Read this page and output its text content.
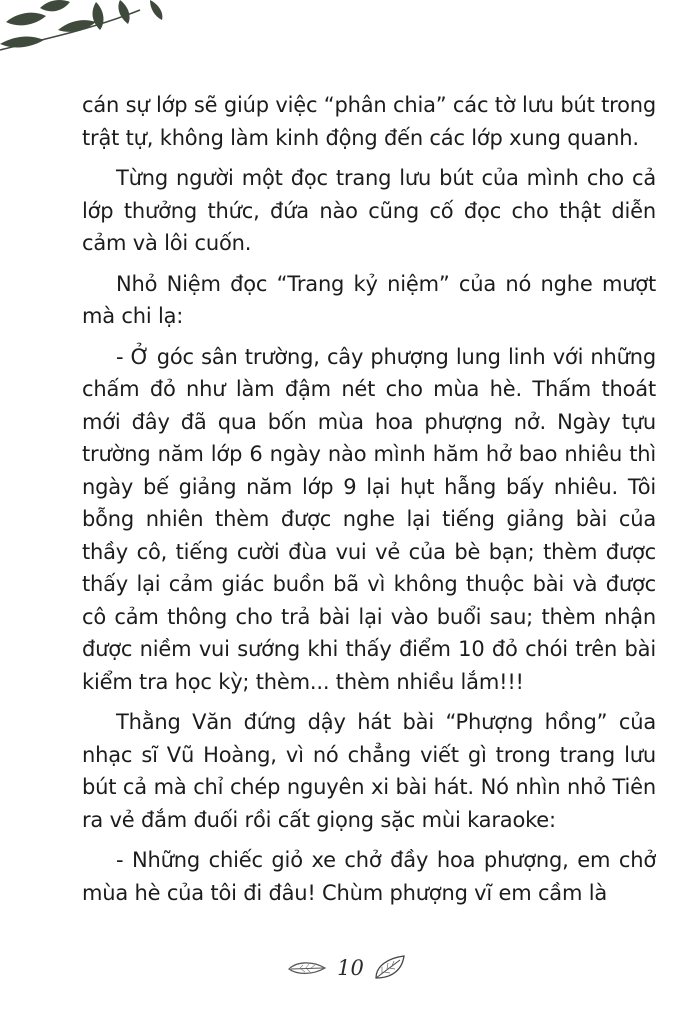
cán sự lớp sẽ giúp việc “phân chia” các tờ lưu bút trong trật tự, không làm kinh động đến các lớp xung quanh.

Từng người một đọc trang lưu bút của mình cho cả lớp thưởng thức, đứa nào cũng cố đọc cho thật diễn cảm và lôi cuốn.

Nhỏ Niệm đọc “Trang kỷ niệm” của nó nghe mượt mà chi lạ:

- Ở góc sân trường, cây phượng lung linh với những chấm đỏ như làm đậm nét cho mùa hè. Thấm thoát mới đây đã qua bốn mùa hoa phượng nở. Ngày tựu trường năm lớp 6 ngày nào mình hăm hở bao nhiêu thì ngày bế giảng năm lớp 9 lại hụt hẫng bấy nhiêu. Tôi bỗng nhiên thèm được nghe lại tiếng giảng bài của thầy cô, tiếng cười đùa vui vẻ của bè bạn; thèm được thấy lại cảm giác buồn bã vì không thuộc bài và được cô cảm thông cho trả bài lại vào buổi sau; thèm nhận được niềm vui sướng khi thấy điểm 10 đỏ chói trên bài kiểm tra học kỳ; thèm... thèm nhiều lắm!!!

Thằng Văn đứng dậy hát bài “Phượng hồng” của nhạc sĩ Vũ Hoàng, vì nó chẳng viết gì trong trang lưu bút cả mà chỉ chép nguyên xi bài hát. Nó nhìn nhỏ Tiên ra vẻ đắm đuối rồi cất giọng sặc mùi karaoke:

- Những chiếc giỏ xe chở đầy hoa phượng, em chở mùa hè của tôi đi đâu! Chùm phượng vĩ em cầm là

10
